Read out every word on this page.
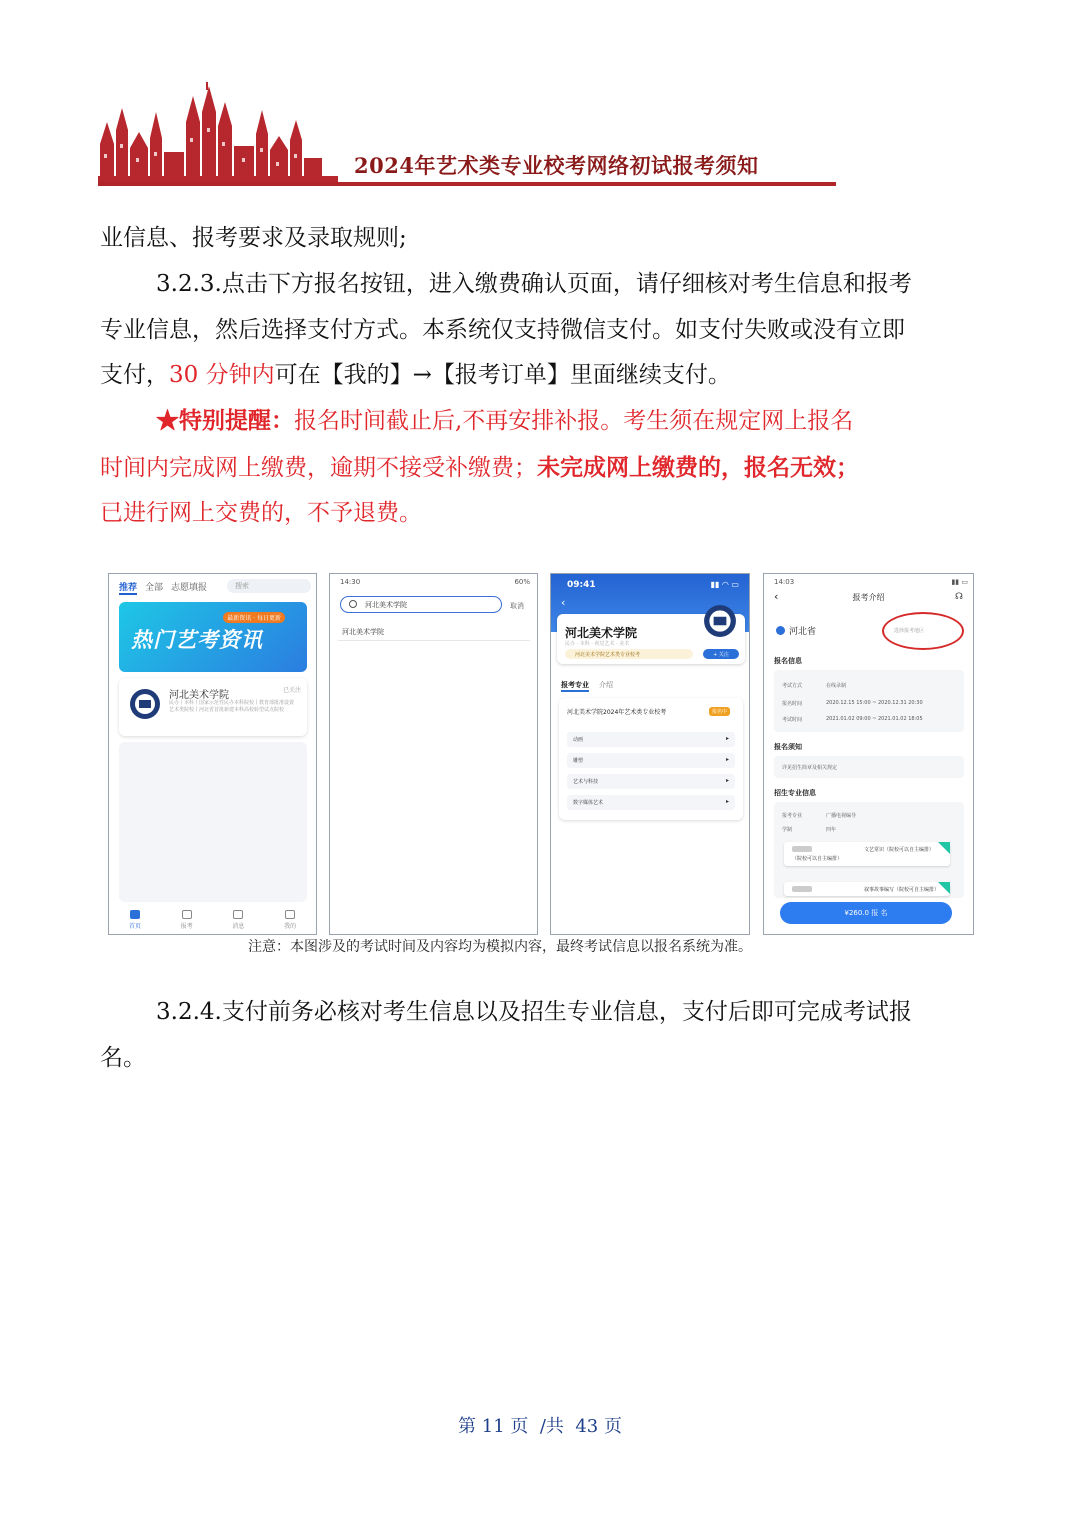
2024年艺术类专业校考网络初试报考须知
业信息、报考要求及录取规则;
3.2.3.点击下方报名按钮，进入缴费确认页面，请仔细核对考生信息和报考
专业信息，然后选择支付方式。本系统仅支持微信支付。如支付失败或没有立即
支付，30 分钟内可在【我的】→【报考订单】里面继续支付。
★特别提醒：报名时间截止后,不再安排补报。考生须在规定网上报名
时间内完成网上缴费，逾期不接受补缴费；未完成网上缴费的，报名无效；
已进行网上交费的，不予退费。
推荐 全部 志愿填报	搜索
最新资讯 · 每日更新
热门艺考资讯
河北美术学院	已关注
民办丨本科丨国家示范性民办本科院校丨教育部批准设置艺术类院校丨河北省首批新建本科高校转型试点院校
首页	报考	消息	我的
14:30	60%
河北美术学院	取消
河北美术学院
09:41	▮▮ ◠ ▭
‹
河北美术学院
民办 · 本科 · 视觉艺术 · 美术
河北美术学院艺术类专业校考	+ 关注
报考专业 介绍
河北美术学院2024年艺术类专业校考	报名中
动画	▸
雕塑	▸
艺术与科技	▸
数字媒体艺术	▸
14:03	▮▮ ▭
‹	报考介绍	☊
河北省	选择报考地区
报名信息
考试方式	在线录制
报名时间	2020.12.15 15:00 ~ 2020.12.31 20:30
考试时间	2021.01.02 09:00 ~ 2021.01.02 18:05
报名须知
详见招生简章及相关规定
招生专业信息
报考专业	广播电视编导
学制	四年
文艺常识（院校可以自主编排）
（院校可以自主编排）
叙事故事编写（院校可自主编排）
¥260.0 报 名
注意：本图涉及的考试时间及内容均为模拟内容，最终考试信息以报名系统为准。
3.2.4.支付前务必核对考生信息以及招生专业信息，支付后即可完成考试报
名。
第 11 页  /共  43 页
